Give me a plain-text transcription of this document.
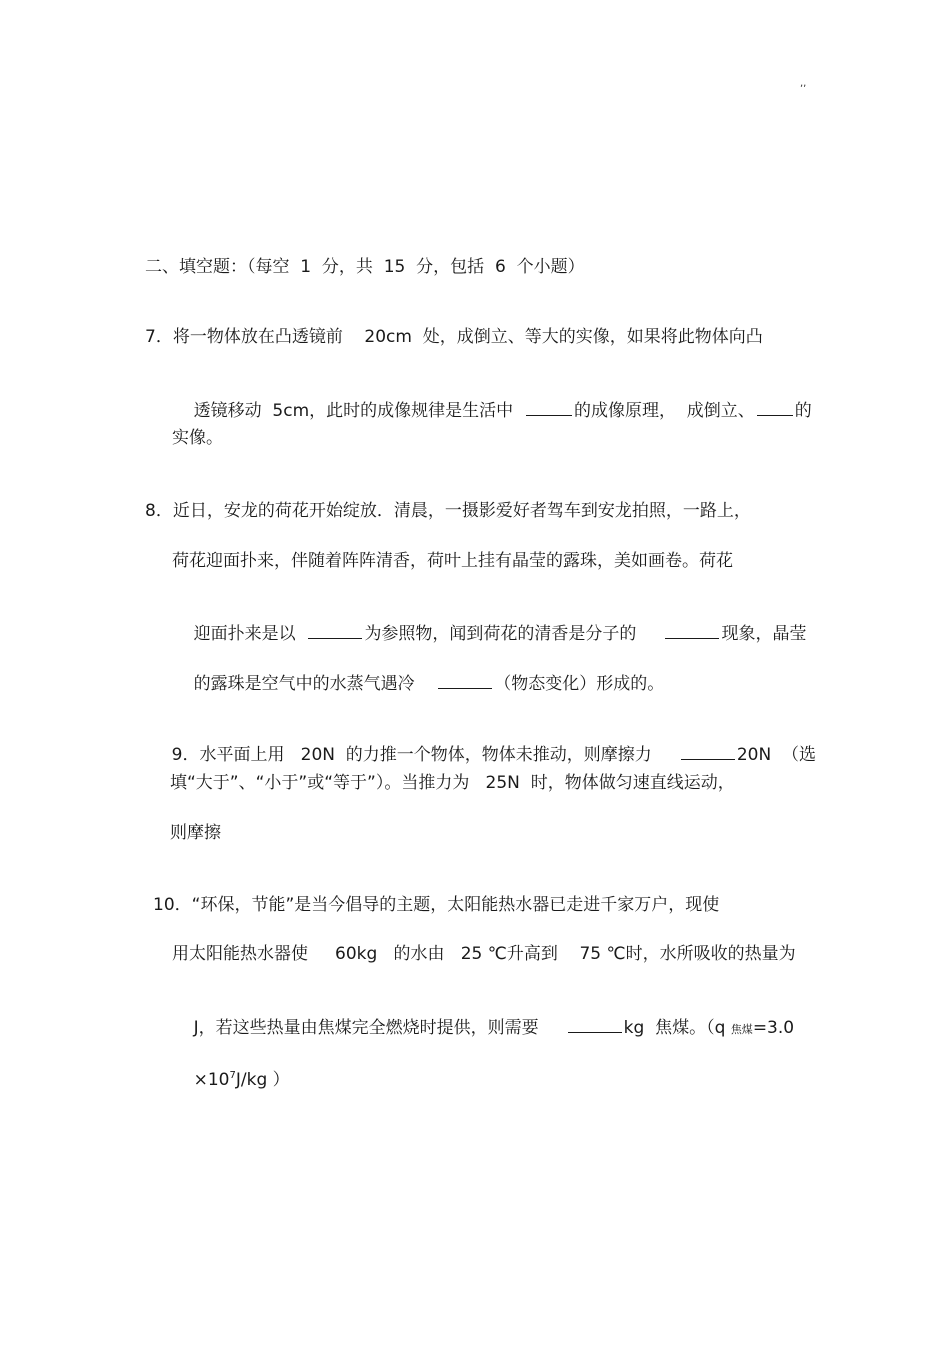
,,
二、填空题：（每空  1  分，共  15  分，包括  6  个小题）
7．将一物体放在凸透镜前    20cm  处，成倒立、等大的实像，如果将此物体向凸

透镜移动  5cm，此时的成像规律是生活中	的成像原理，  成倒立、 的

实像。
8．近日，安龙的荷花开始绽放．清晨，一摄影爱好者驾车到安龙拍照，一路上，
荷花迎面扑来，伴随着阵阵清香，荷叶上挂有晶莹的露珠，美如画卷。荷花

迎面扑来是以	为参照物，闻到荷花的清香是分子的	现象，晶莹

的露珠是空气中的水蒸气遇冷	（物态变化）形成的。

9．水平面上用   20N  的力推一个物体，物体未推动，则摩擦力	20N  （选

填“大于”、“小于”或“等于”）。当推力为   25N  时，物体做匀速直线运动，
则摩擦
10．“环保，节能”是当今倡导的主题，太阳能热水器已走进千家万户，现使
用太阳能热水器使     60kg   的水由   25 ℃升高到    75 ℃时，水所吸收的热量为

J，若这些热量由焦煤完全燃烧时提供，则需要	kg  焦煤。（q 焦煤=3.0

$\times 10^7J/kg$ ）
